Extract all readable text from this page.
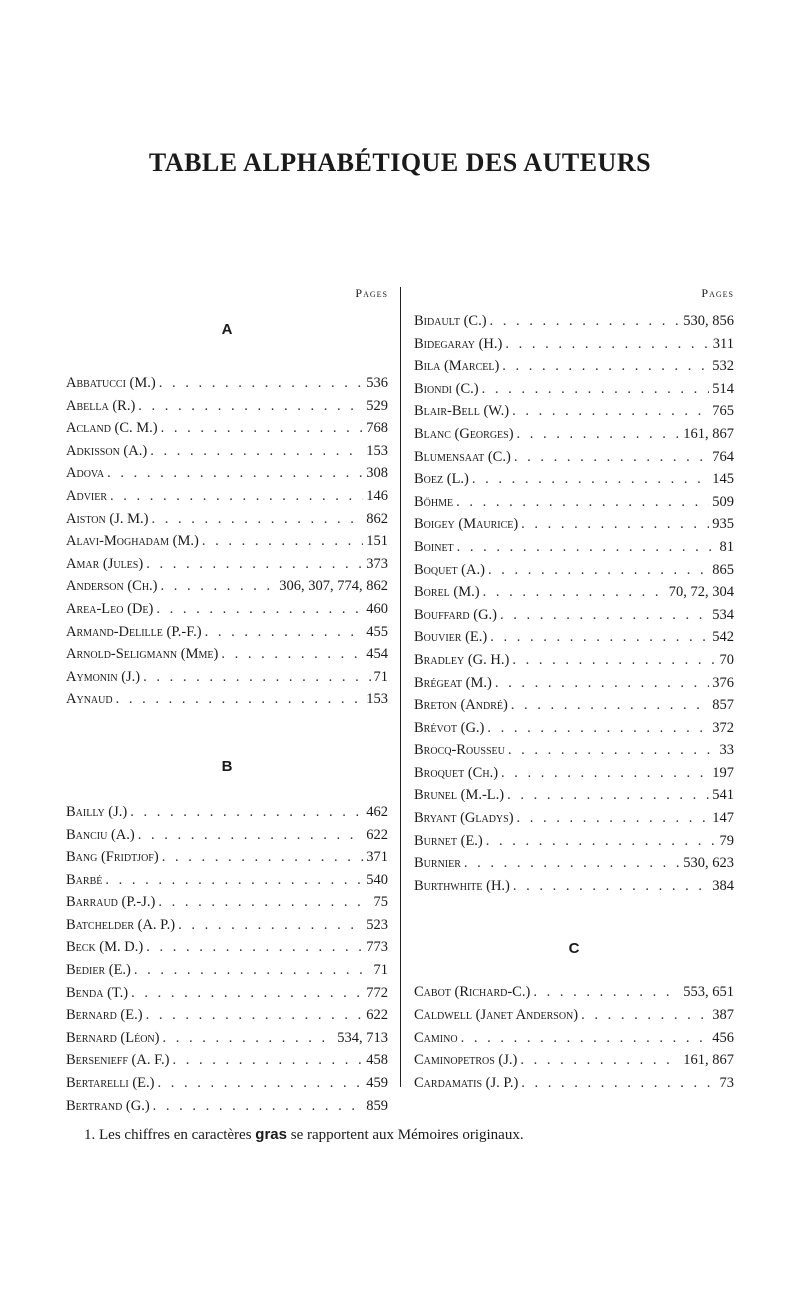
TABLE ALPHABÉTIQUE DES AUTEURS
Pages
A
Abbatucci (M.) . . .	536
Abella (R.) . . .	529
Acland (C. M.) . . .	768
Adkisson (A.) . . .	153
Adova . . .	308
Advier . . .	146
Aiston (J. M.) . . .	862
Alavi-Moghadam (M.) . . .	151
Amar (Jules) . . .	373
Anderson (Ch.) . . .	306, 307, 774, 862
Area-Leo (De) . . .	460
Armand-Delille (P.-F.) . . .	455
Arnold-Seligmann (Mme) . . .	454
Aymonin (J.) . . .	71
Aynaud . . .	153
B
Bailly (J.) . . .	462
Banciu (A.) . . .	622
Bang (Fridtjof) . . .	371
Barbé . . .	540
Barraud (P.-J.) . . .	75
Batchelder (A. P.) . . .	523
Beck (M. D.) . . .	773
Bedier (E.) . . .	71
Benda (T.) . . .	772
Bernard (E.) . . .	622
Bernard (Léon) . . .	534, 713
Bersenieff (A. F.) . . .	458
Bertarelli (E.) . . .	459
Bertrand (G.) . . .	859
Pages
Bidault (C.) . . .	530, 856
Bidegaray (H.) . . .	311
Bila (Marcel) . . .	532
Biondi (C.) . . .	514
Blair-Bell (W.) . . .	765
Blanc (Georges) . . .	161, 867
Blumensaat (C.) . . .	764
Boez (L.) . . .	145
Böhme . . .	509
Boigey (Maurice) . . .	935
Boinet . . .	81
Boquet (A.) . . .	865
Borel (M.) . . .	70, 72, 304
Bouffard (G.) . . .	534
Bouvier (E.) . . .	542
Bradley (G. H.) . . .	70
Brégeat (M.) . . .	376
Breton (André) . . .	857
Brévot (G.) . . .	372
Brocq-Rousseu . . .	33
Broquet (Ch.) . . .	197
Brunel (M.-L.) . . .	541
Bryant (Gladys) . . .	147
Burnet (E.) . . .	79
Burnier . . .	530, 623
Burthwhite (H.) . . .	384
C
Cabot (Richard-C.) . . .	553, 651
Caldwell (Janet Anderson) . . .	387
Camino . . .	456
Caminopetros (J.) . . .	161, 867
Cardamatis (J. P.) . . .	73

1. Les chiffres en caractères gras se rapportent aux Mémoires originaux.
